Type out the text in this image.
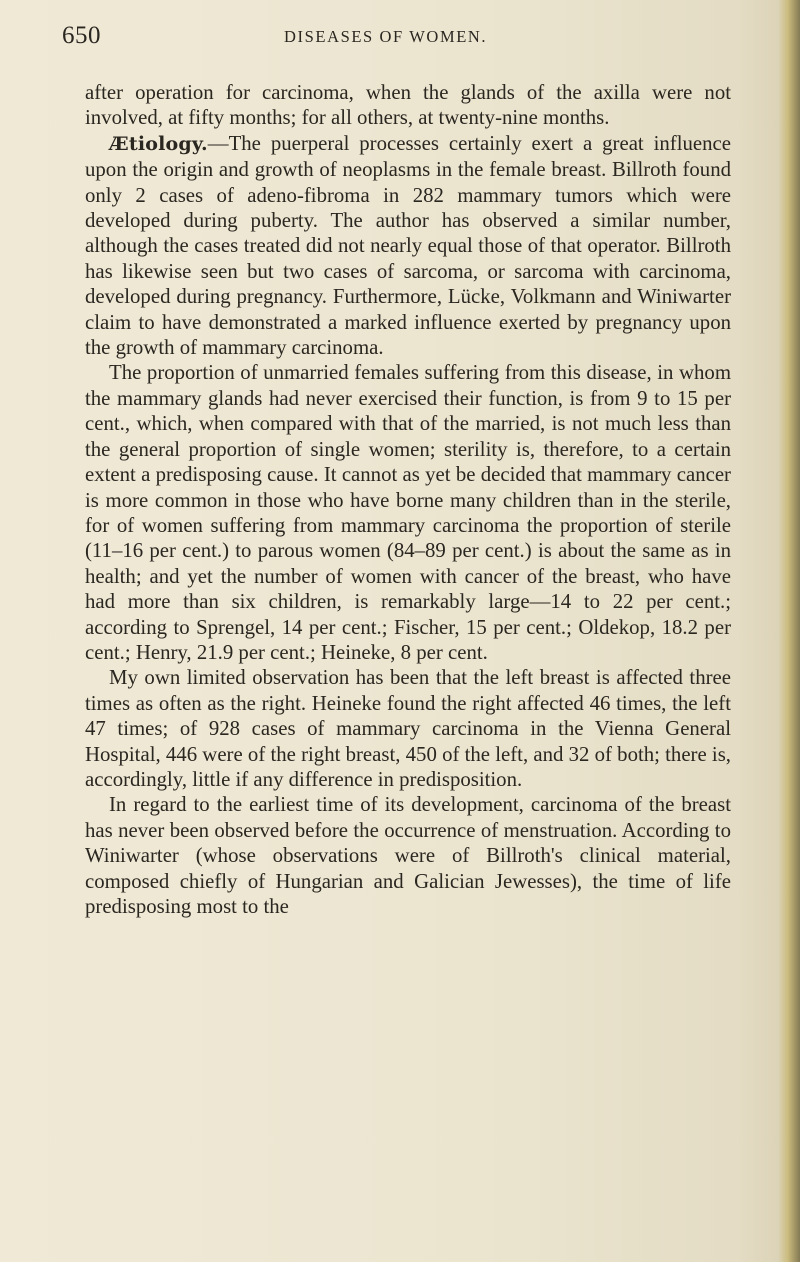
650	DISEASES OF WOMEN.

after operation for carcinoma, when the glands of the axilla were not involved, at fifty months; for all others, at twenty-nine months.

Ætiology.—The puerperal processes certainly exert a great influence upon the origin and growth of neoplasms in the female breast. Billroth found only 2 cases of adeno-fibroma in 282 mammary tumors which were developed during puberty. The author has observed a similar number, although the cases treated did not nearly equal those of that operator. Billroth has likewise seen but two cases of sarcoma, or sarcoma with carcinoma, developed during pregnancy. Furthermore, Lücke, Volkmann and Winiwarter claim to have demonstrated a marked influence exerted by pregnancy upon the growth of mammary carcinoma.

The proportion of unmarried females suffering from this disease, in whom the mammary glands had never exercised their function, is from 9 to 15 per cent., which, when compared with that of the married, is not much less than the general proportion of single women; sterility is, therefore, to a certain extent a predisposing cause. It cannot as yet be decided that mammary cancer is more common in those who have borne many children than in the sterile, for of women suffering from mammary carcinoma the proportion of sterile (11–16 per cent.) to parous women (84–89 per cent.) is about the same as in health; and yet the number of women with cancer of the breast, who have had more than six children, is remarkably large—14 to 22 per cent.; according to Sprengel, 14 per cent.; Fischer, 15 per cent.; Oldekop, 18.2 per cent.; Henry, 21.9 per cent.; Heineke, 8 per cent.

My own limited observation has been that the left breast is affected three times as often as the right. Heineke found the right affected 46 times, the left 47 times; of 928 cases of mammary carcinoma in the Vienna General Hospital, 446 were of the right breast, 450 of the left, and 32 of both; there is, accordingly, little if any difference in predisposition.

In regard to the earliest time of its development, carcinoma of the breast has never been observed before the occurrence of menstruation. According to Winiwarter (whose observations were of Billroth's clinical material, composed chiefly of Hungarian and Galician Jewesses), the time of life predisposing most to the
